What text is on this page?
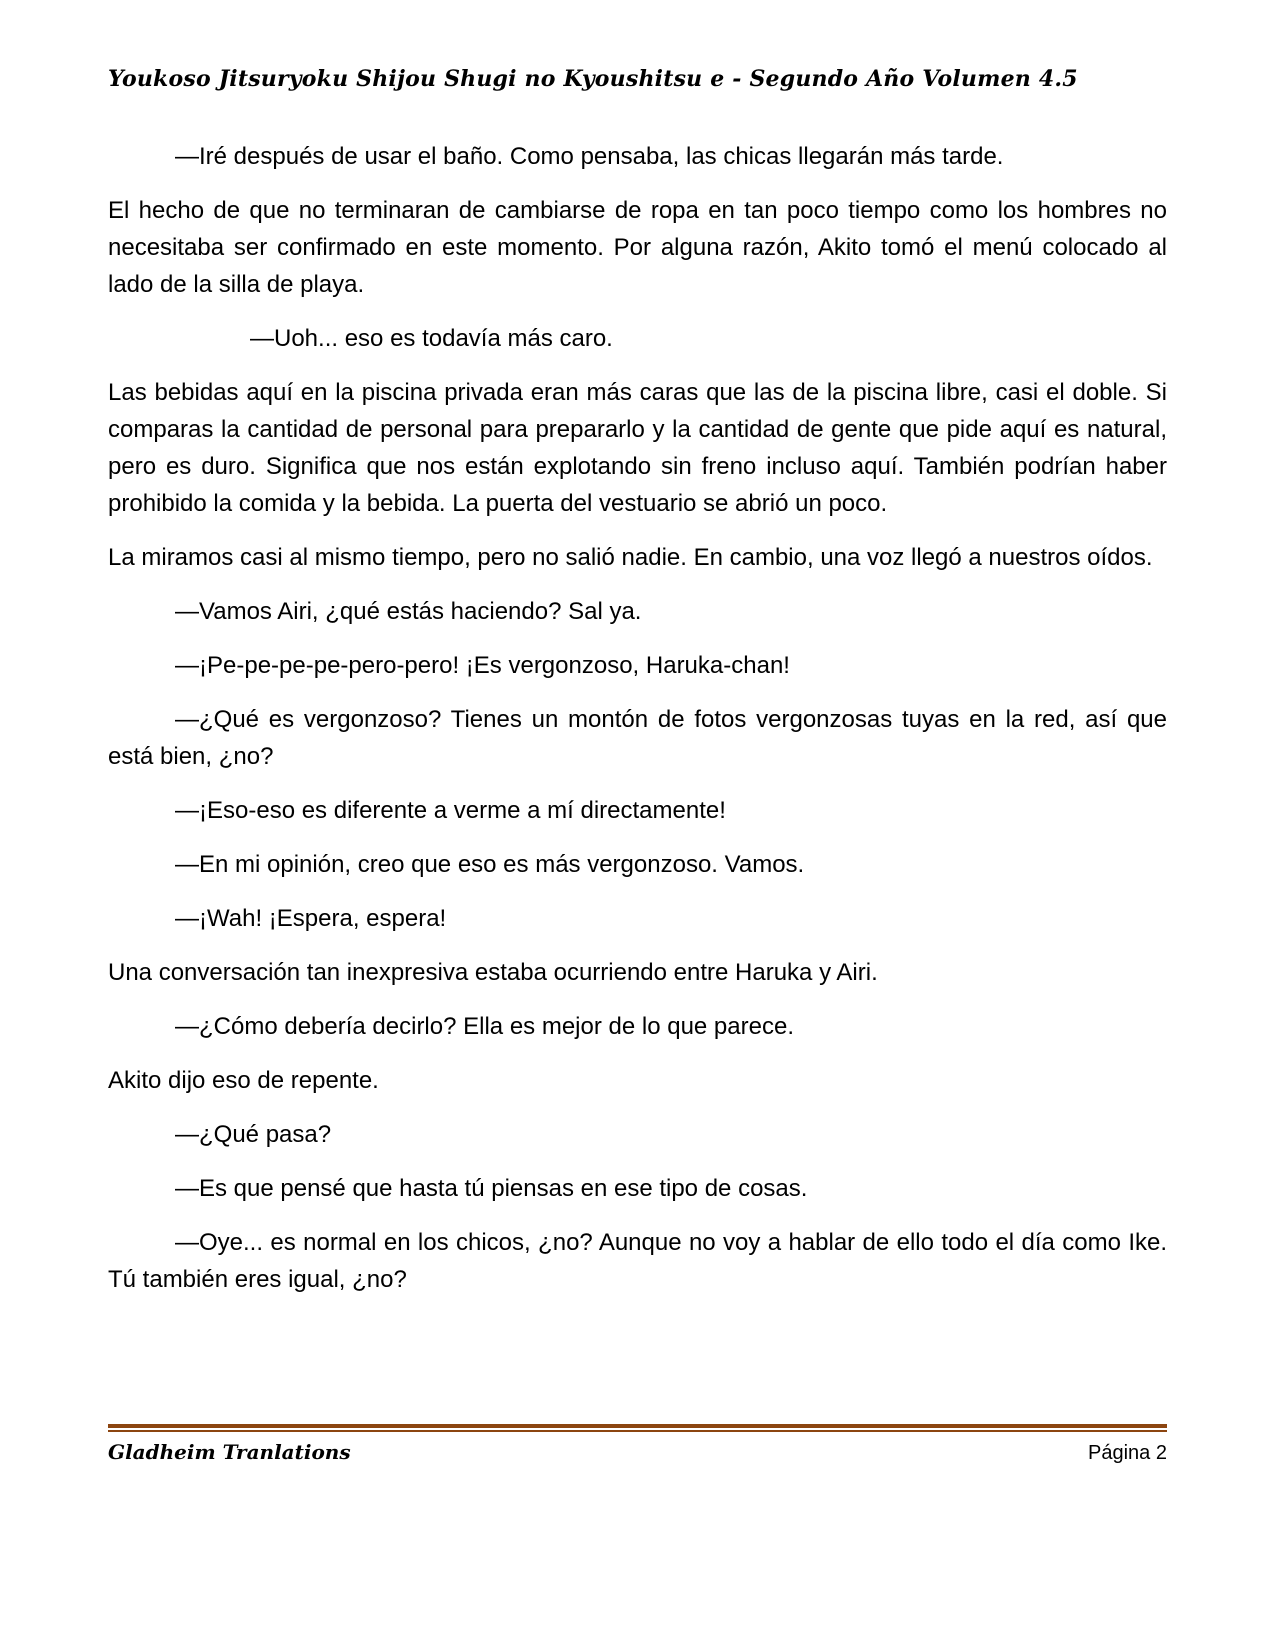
Youkoso Jitsuryoku Shijou Shugi no Kyoushitsu e - Segundo Año Volumen 4.5

—Iré después de usar el baño. Como pensaba, las chicas llegarán más tarde.

El hecho de que no terminaran de cambiarse de ropa en tan poco tiempo como los hombres no necesitaba ser confirmado en este momento. Por alguna razón, Akito tomó el menú colocado al lado de la silla de playa.

—Uoh... eso es todavía más caro.

Las bebidas aquí en la piscina privada eran más caras que las de la piscina libre, casi el doble. Si comparas la cantidad de personal para prepararlo y la cantidad de gente que pide aquí es natural, pero es duro. Significa que nos están explotando sin freno incluso aquí. También podrían haber prohibido la comida y la bebida. La puerta del vestuario se abrió un poco.

La miramos casi al mismo tiempo, pero no salió nadie. En cambio, una voz llegó a nuestros oídos.

—Vamos Airi, ¿qué estás haciendo? Sal ya.

—¡Pe-pe-pe-pe-pero-pero! ¡Es vergonzoso, Haruka-chan!

—¿Qué es vergonzoso? Tienes un montón de fotos vergonzosas tuyas en la red, así que está bien, ¿no?

—¡Eso-eso es diferente a verme a mí directamente!

—En mi opinión, creo que eso es más vergonzoso. Vamos.

—¡Wah! ¡Espera, espera!

Una conversación tan inexpresiva estaba ocurriendo entre Haruka y Airi.

—¿Cómo debería decirlo? Ella es mejor de lo que parece.

Akito dijo eso de repente.

—¿Qué pasa?

—Es que pensé que hasta tú piensas en ese tipo de cosas.

—Oye... es normal en los chicos, ¿no? Aunque no voy a hablar de ello todo el día como Ike. Tú también eres igual, ¿no?

Gladheim Tranlations	Página 2
